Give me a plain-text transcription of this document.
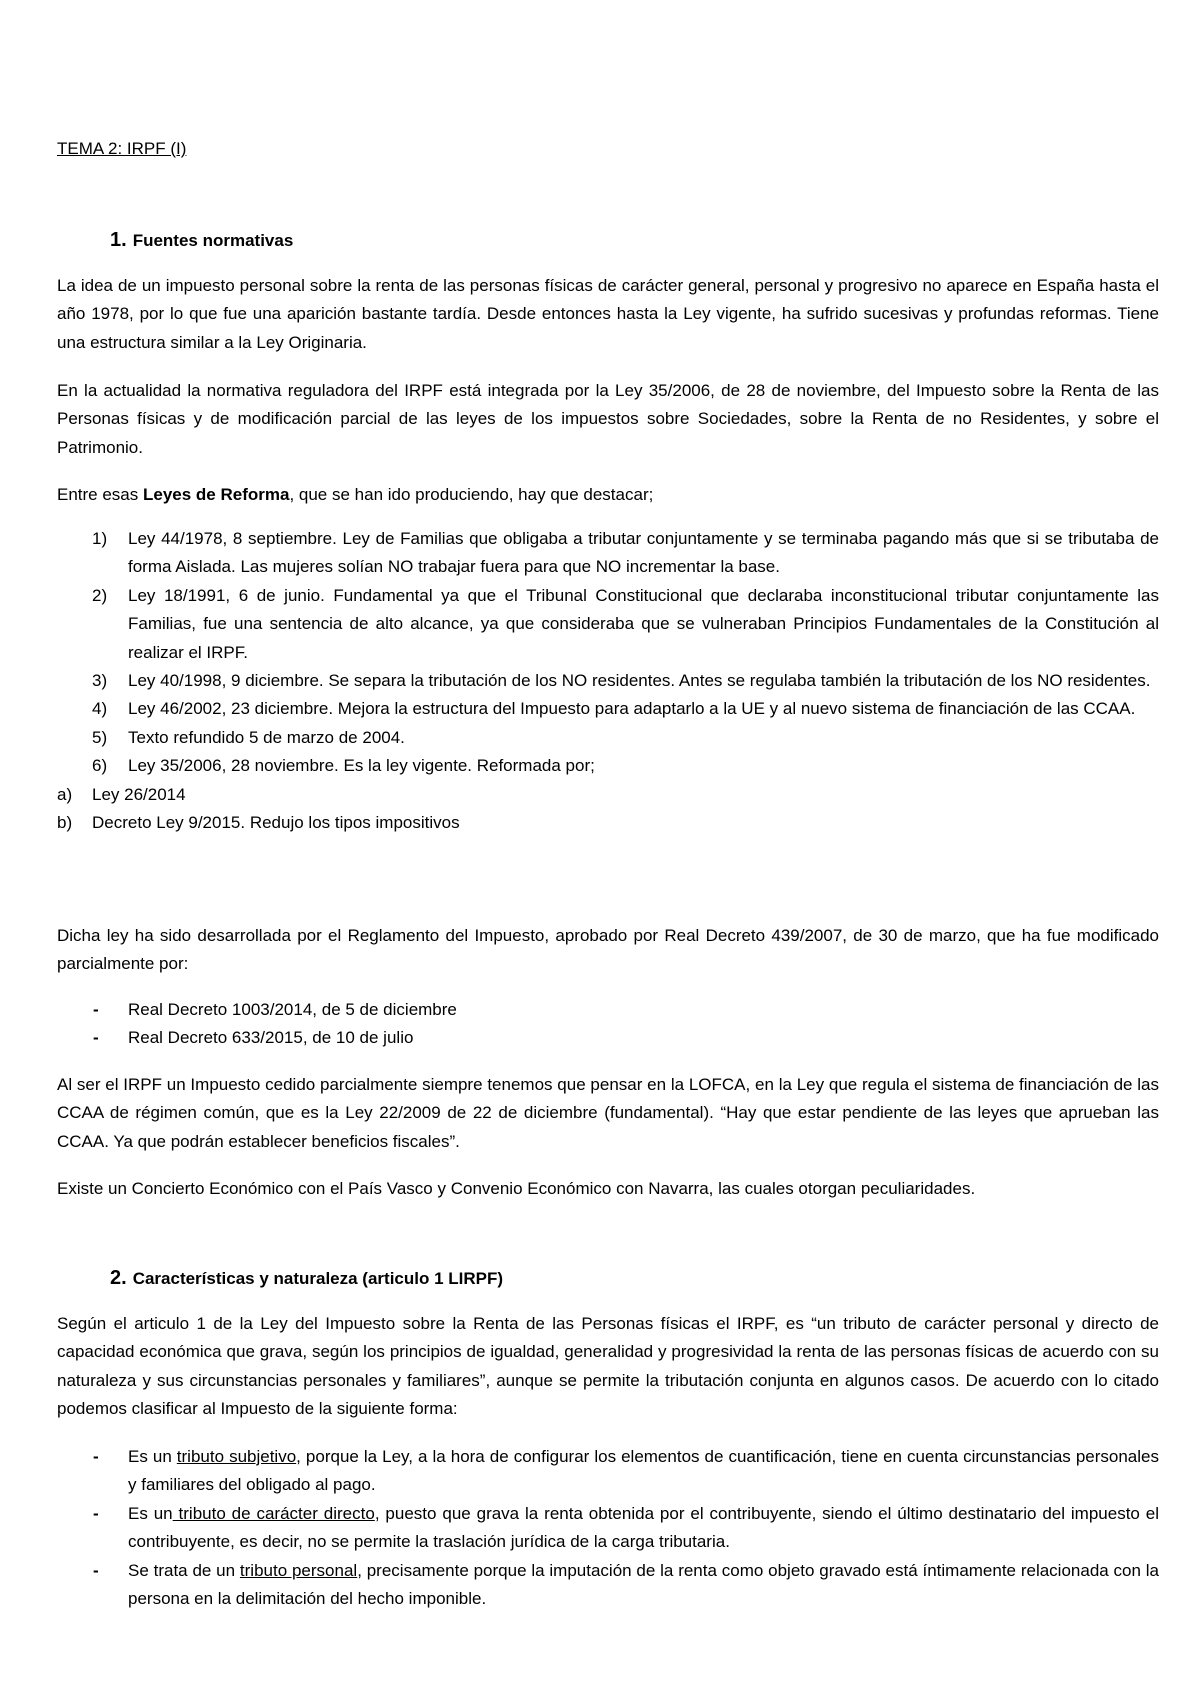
TEMA 2: IRPF (I)
1. Fuentes normativas

La idea de un impuesto personal sobre la renta de las personas físicas de carácter general, personal y progresivo no aparece en España hasta el año 1978, por lo que fue una aparición bastante tardía. Desde entonces hasta la Ley vigente, ha sufrido sucesivas y profundas reformas. Tiene una estructura similar a la Ley Originaria.

En la actualidad la normativa reguladora del IRPF está integrada por la Ley 35/2006, de 28 de noviembre, del Impuesto sobre la Renta de las Personas físicas y de modificación parcial de las leyes de los impuestos sobre Sociedades, sobre la Renta de no Residentes, y sobre el Patrimonio.

Entre esas Leyes de Reforma, que se han ido produciendo, hay que destacar;

1) Ley 44/1978, 8 septiembre. Ley de Familias que obligaba a tributar conjuntamente y se terminaba pagando más que si se tributaba de forma Aislada. Las mujeres solían NO trabajar fuera para que NO incrementar la base.
2) Ley 18/1991, 6 de junio. Fundamental ya que el Tribunal Constitucional que declaraba inconstitucional tributar conjuntamente las Familias, fue una sentencia de alto alcance, ya que consideraba que se vulneraban Principios Fundamentales de la Constitución al realizar el IRPF.
3) Ley 40/1998, 9 diciembre. Se separa la tributación de los NO residentes. Antes se regulaba también la tributación de los NO residentes.
4) Ley 46/2002, 23 diciembre. Mejora la estructura del Impuesto para adaptarlo a la UE y al nuevo sistema de financiación de las CCAA.
5) Texto refundido 5 de marzo de 2004.
6) Ley 35/2006, 28 noviembre. Es la ley vigente. Reformada por;
a) Ley 26/2014
b) Decreto Ley 9/2015. Redujo los tipos impositivos

Dicha ley ha sido desarrollada por el Reglamento del Impuesto, aprobado por Real Decreto 439/2007, de 30 de marzo, que ha fue modificado parcialmente por:

- Real Decreto 1003/2014, de 5 de diciembre
- Real Decreto 633/2015, de 10 de julio

Al ser el IRPF un Impuesto cedido parcialmente siempre tenemos que pensar en la LOFCA, en la Ley que regula el sistema de financiación de las CCAA de régimen común, que es la Ley 22/2009 de 22 de diciembre (fundamental). “Hay que estar pendiente de las leyes que aprueban las CCAA. Ya que podrán establecer beneficios fiscales”.

Existe un Concierto Económico con el País Vasco y Convenio Económico con Navarra, las cuales otorgan peculiaridades.

2. Características y naturaleza (articulo 1 LIRPF)

Según el articulo 1 de la Ley del Impuesto sobre la Renta de las Personas físicas el IRPF, es “un tributo de carácter personal y directo de capacidad económica que grava, según los principios de igualdad, generalidad y progresividad la renta de las personas físicas de acuerdo con su naturaleza y sus circunstancias personales y familiares”, aunque se permite la tributación conjunta en algunos casos. De acuerdo con lo citado podemos clasificar al Impuesto de la siguiente forma:

- Es un tributo subjetivo, porque la Ley, a la hora de configurar los elementos de cuantificación, tiene en cuenta circunstancias personales y familiares del obligado al pago.
- Es un tributo de carácter directo, puesto que grava la renta obtenida por el contribuyente, siendo el último destinatario del impuesto el contribuyente, es decir, no se permite la traslación jurídica de la carga tributaria.
- Se trata de un tributo personal, precisamente porque la imputación de la renta como objeto gravado está íntimamente relacionada con la persona en la delimitación del hecho imponible.
